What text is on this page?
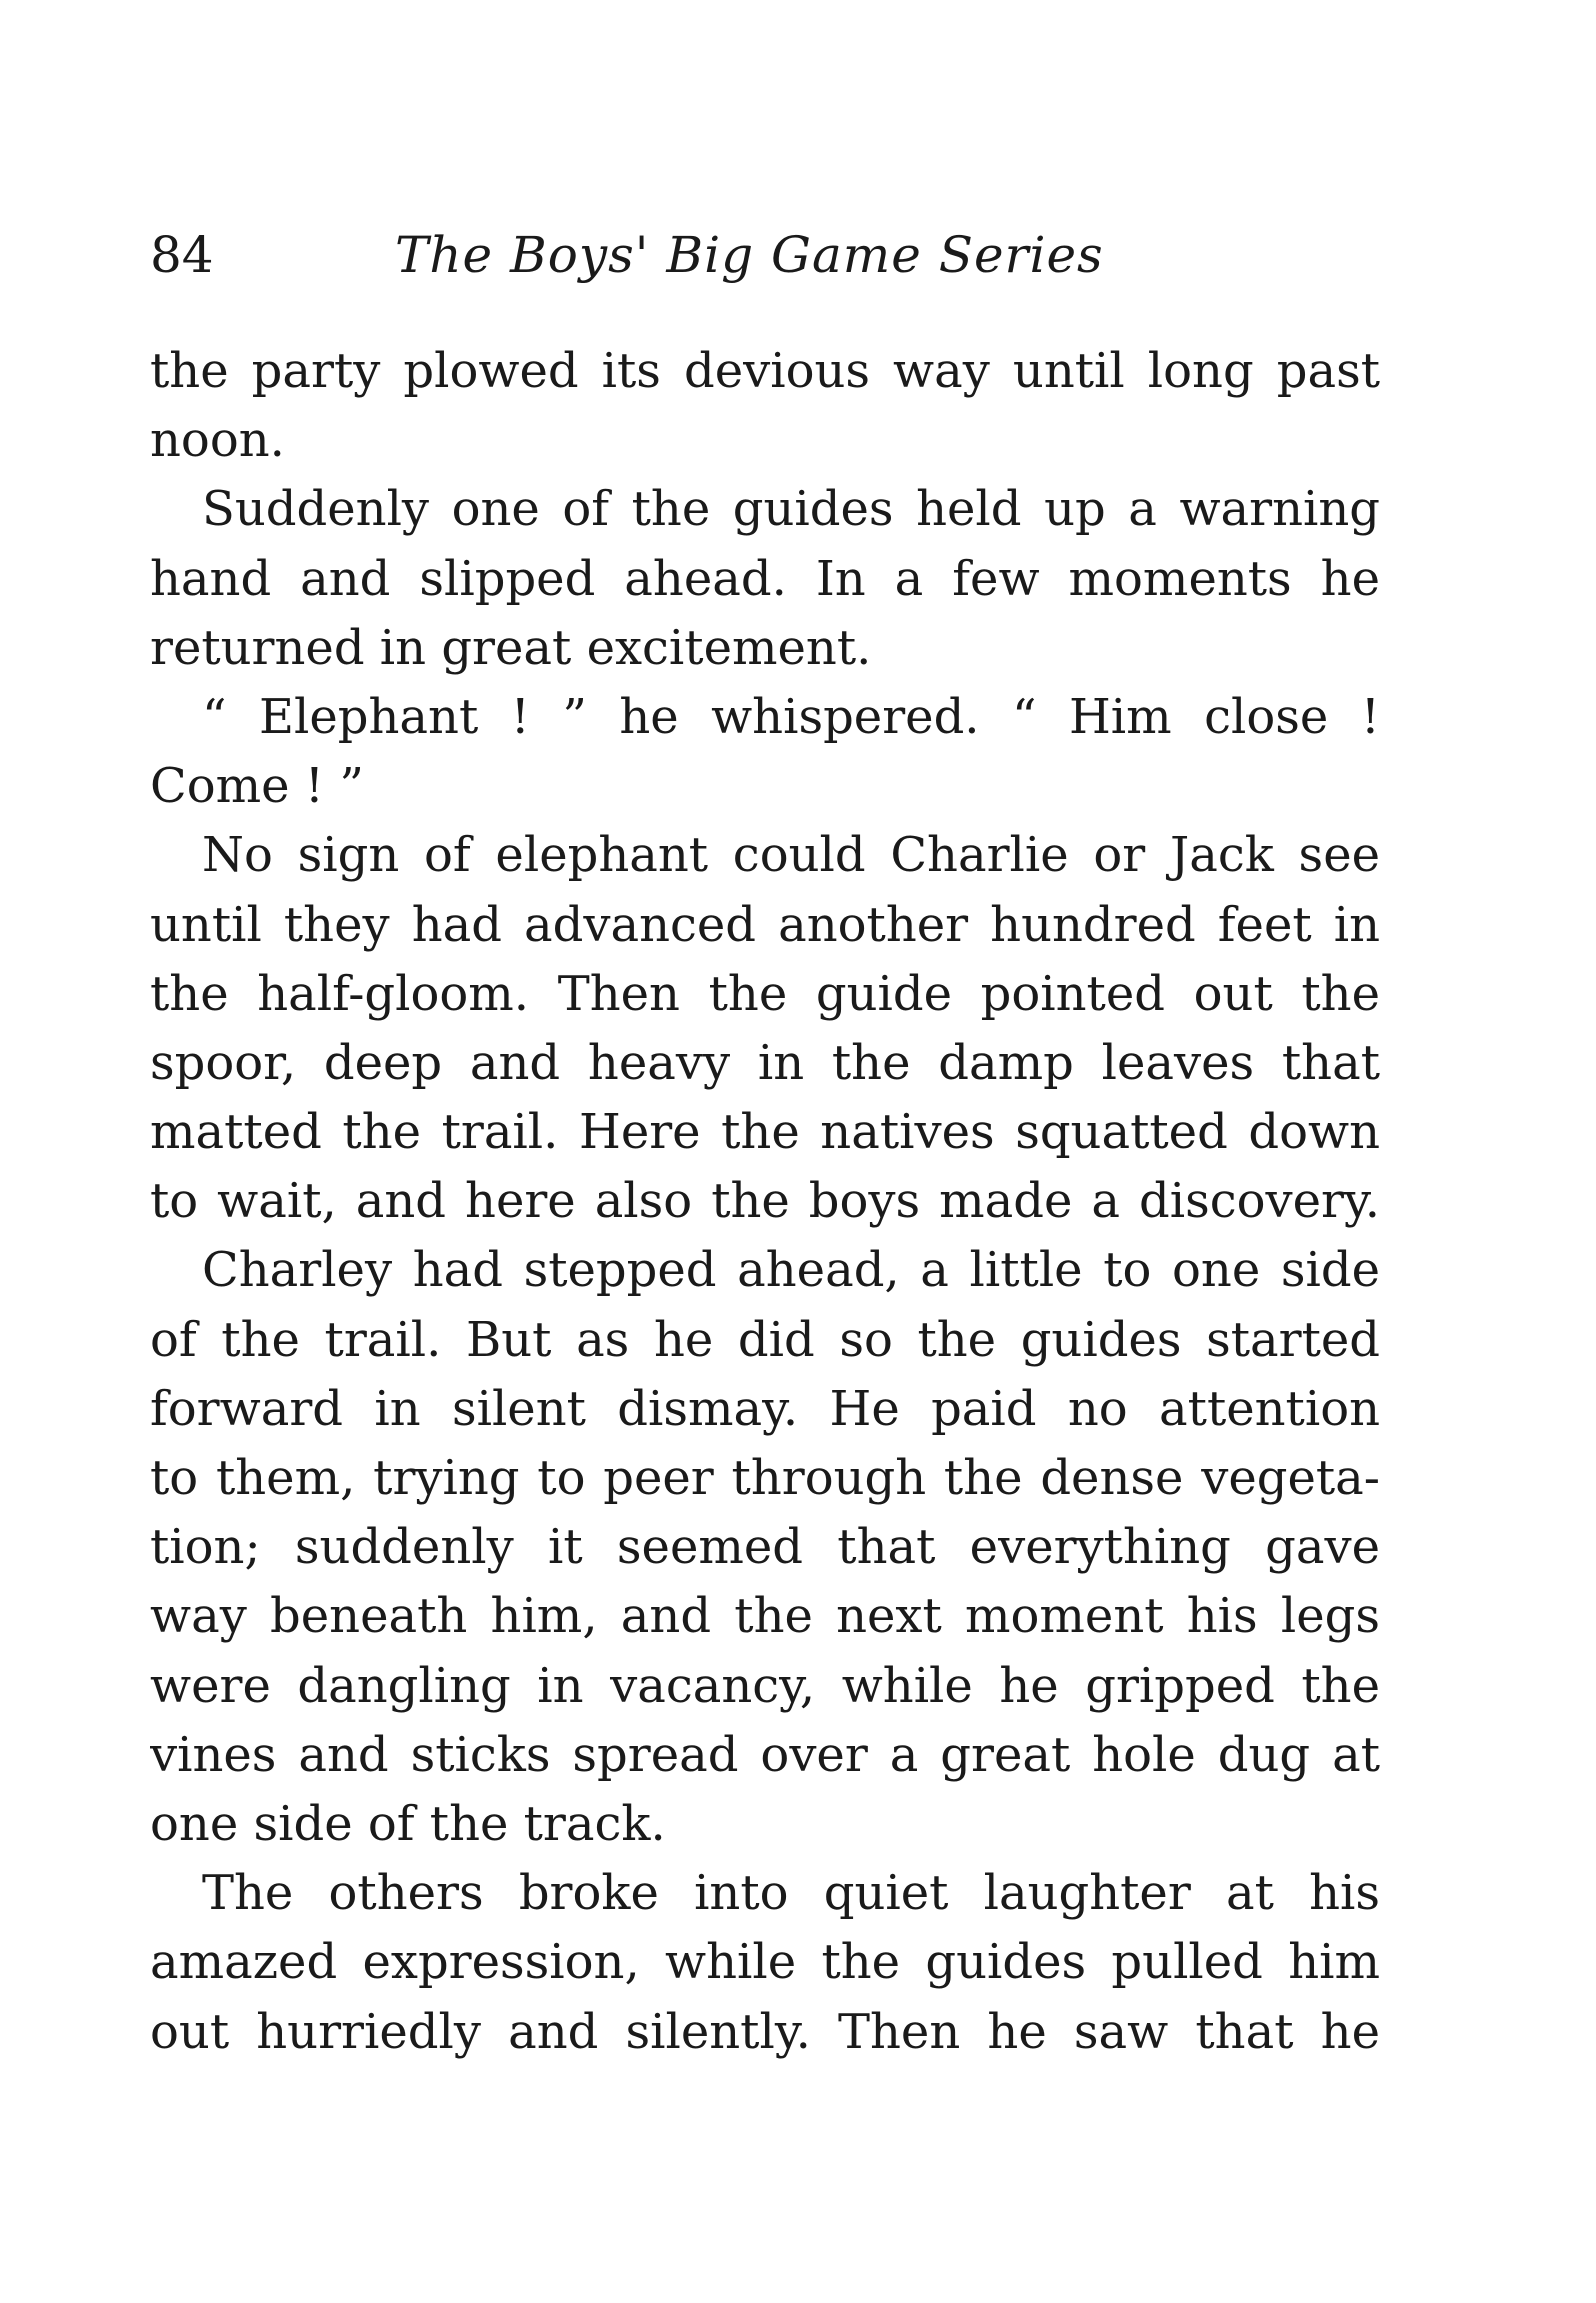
84	The Boys' Big Game Series
the party plowed its devious way until long past
noon.
Suddenly one of the guides held up a warning
hand and slipped ahead. In a few moments he
returned in great excitement.
“ Elephant ! ” he whispered. “ Him close !
Come ! ”
No sign of elephant could Charlie or Jack see
until they had advanced another hundred feet in
the half-gloom. Then the guide pointed out the
spoor, deep and heavy in the damp leaves that
matted the trail. Here the natives squatted down
to wait, and here also the boys made a discovery.
Charley had stepped ahead, a little to one side
of the trail. But as he did so the guides started
forward in silent dismay. He paid no attention
to them, trying to peer through the dense vegeta-
tion; suddenly it seemed that everything gave
way beneath him, and the next moment his legs
were dangling in vacancy, while he gripped the
vines and sticks spread over a great hole dug at
one side of the track.
The others broke into quiet laughter at his
amazed expression, while the guides pulled him
out hurriedly and silently. Then he saw that he
